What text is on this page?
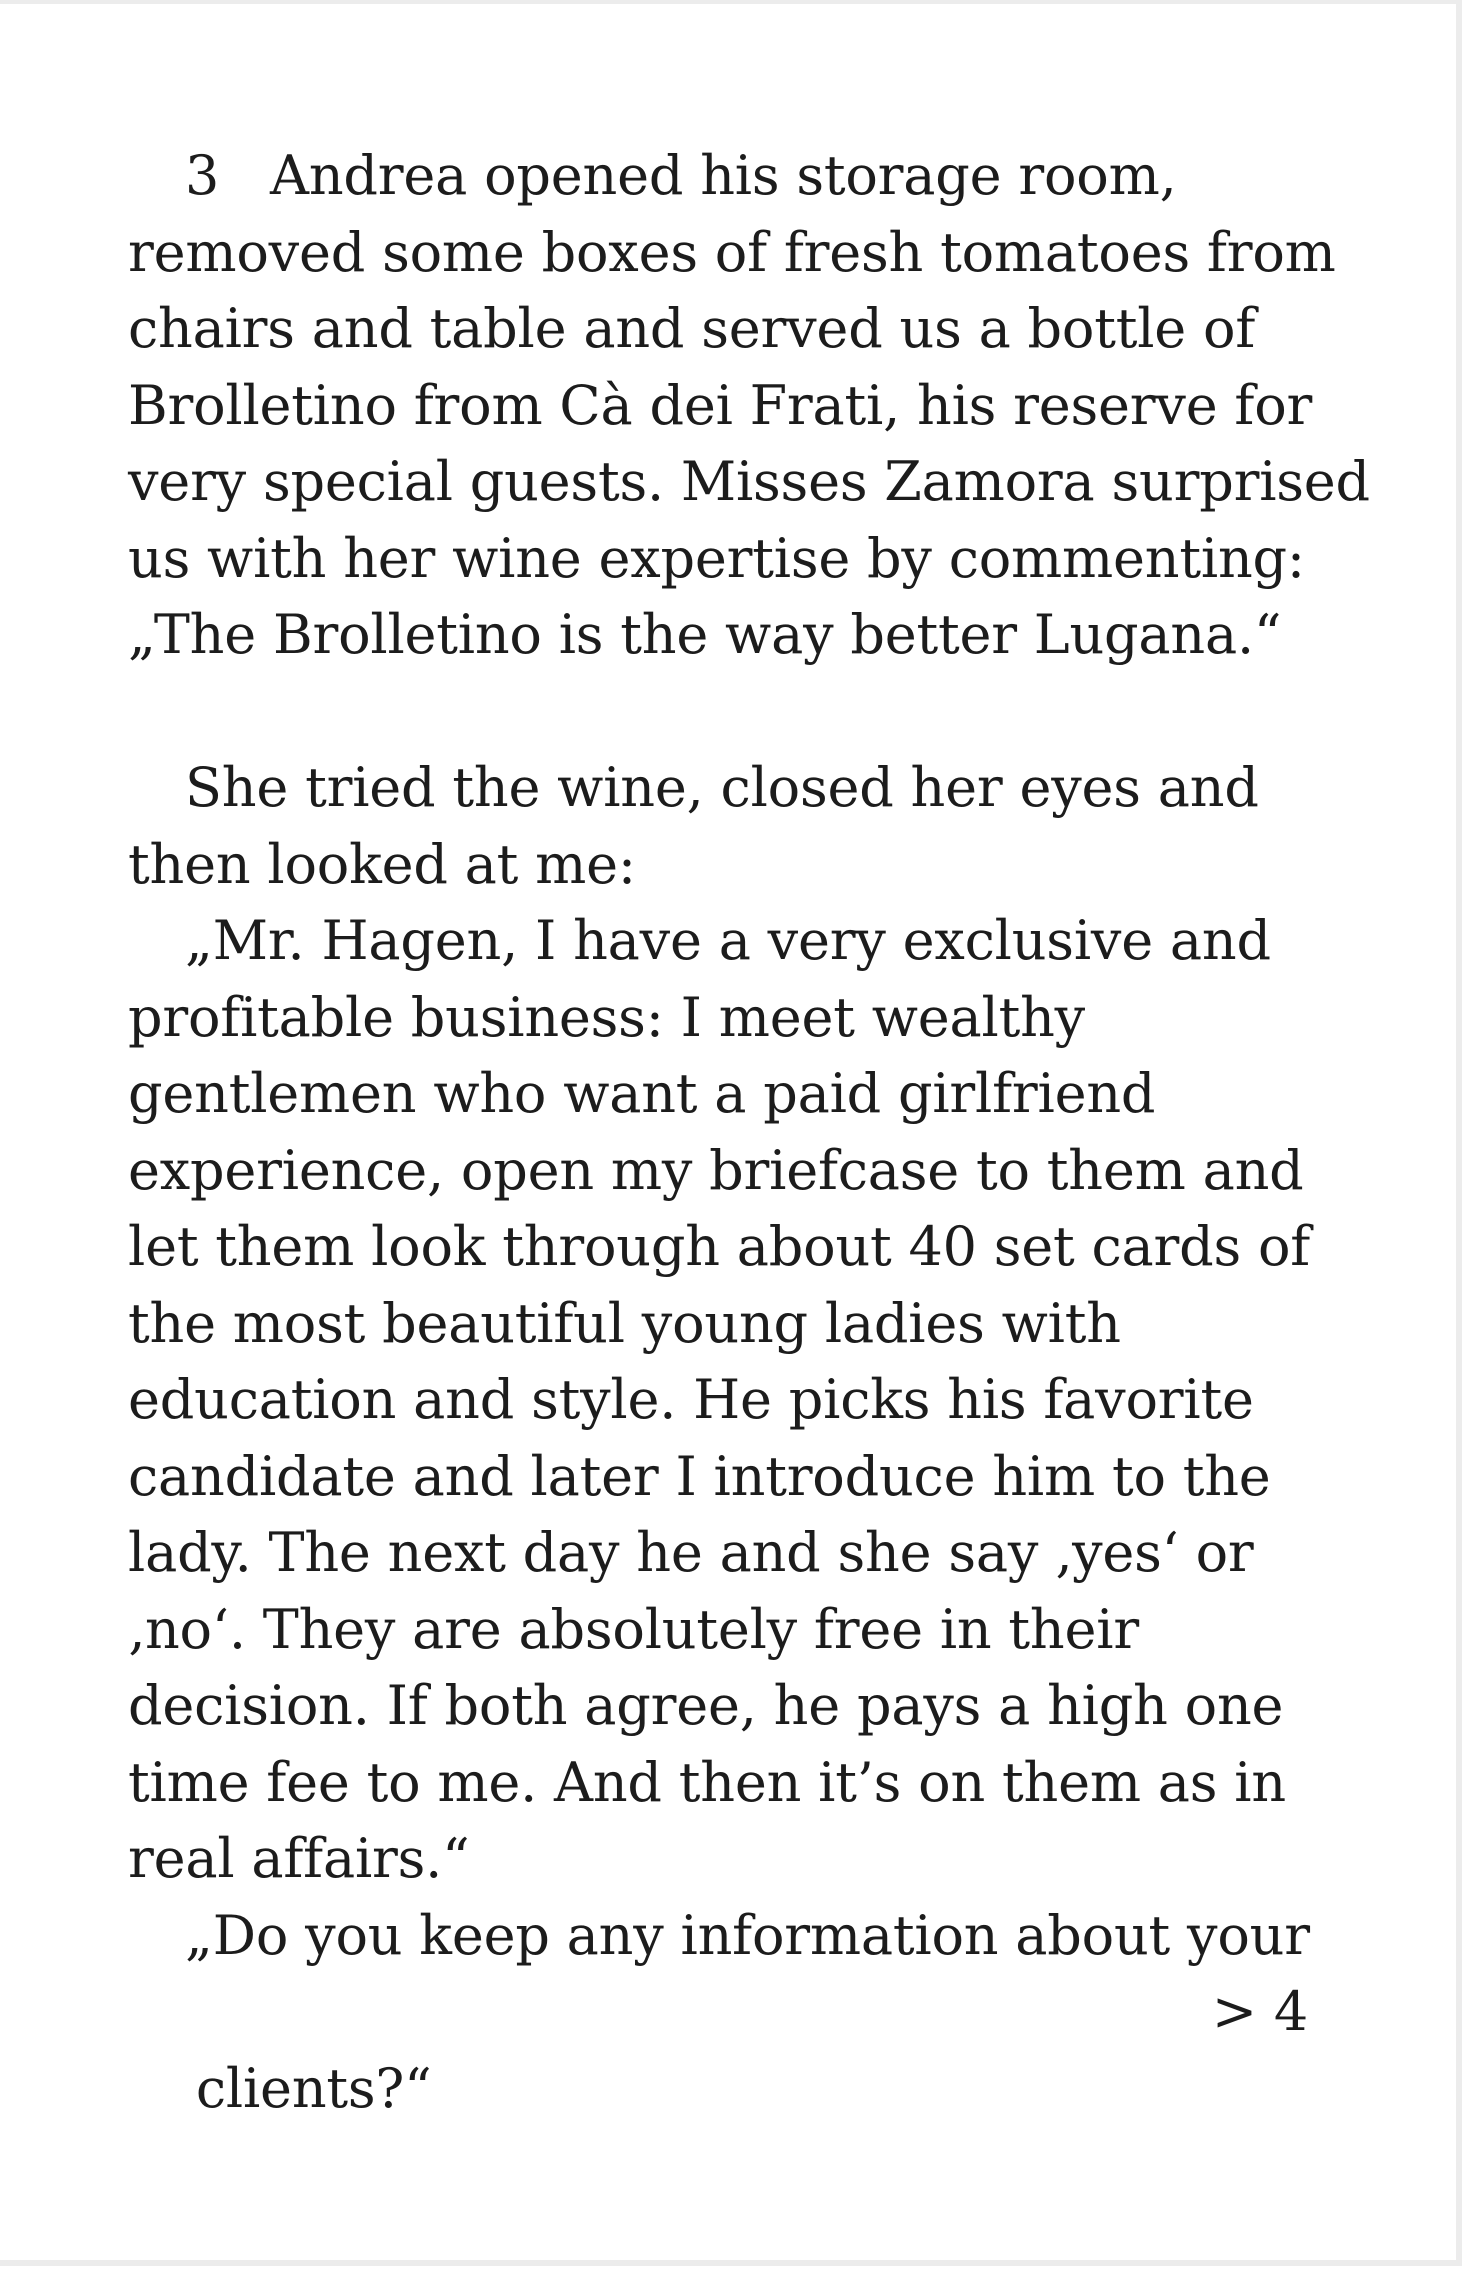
3   Andrea opened his storage room,
removed some boxes of fresh tomatoes from
chairs and table and served us a bottle of
Brolletino from Cà dei Frati, his reserve for
very special guests. Misses Zamora surprised
us with her wine expertise by commenting:
„The Brolletino is the way better Lugana.“
She tried the wine, closed her eyes and
then looked at me:
„Mr. Hagen, I have a very exclusive and
profitable business: I meet wealthy
gentlemen who want a paid girlfriend
experience, open my briefcase to them and
let them look through about 40 set cards of
the most beautiful young ladies with
education and style. He picks his favorite
candidate and later I introduce him to the
lady. The next day he and she say ‚yes‘ or
‚no‘. They are absolutely free in their
decision. If both agree, he pays a high one
time fee to me. And then it’s on them as in
real affairs.“
„Do you keep any information about your

clients?“

> 4
